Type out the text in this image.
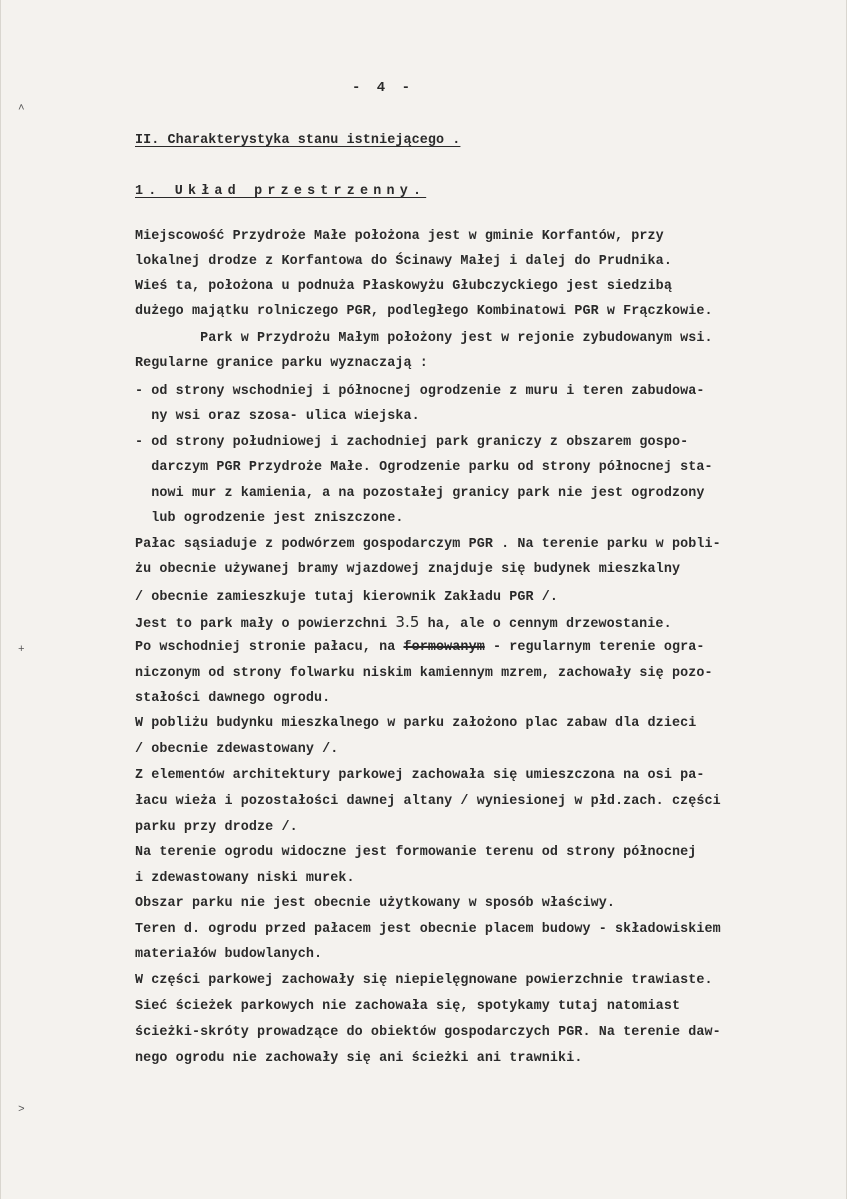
˄
+
˃
- 4 -
II. Charakterystyka stanu istniejącego .
1. Układ przestrzenny.
Miejscowość Przydroże Małe położona jest w gminie Korfantów, przy
lokalnej drodze z Korfantowa do Ścinawy Małej i dalej do Prudnika.
Wieś ta, położona u podnuża Płaskowyżu Głubczyckiego jest siedzibą
dużego majątku rolniczego PGR, podległego Kombinatowi PGR w Frączkowie.
Park w Przydrożu Małym położony jest w rejonie zybudowanym wsi.
Regularne granice parku wyznaczają :
- od strony wschodniej i północnej ogrodzenie z muru i teren zabudowa-
ny wsi oraz szosa- ulica wiejska.
- od strony południowej i zachodniej park graniczy z obszarem gospo-
darczym PGR Przydroże Małe. Ogrodzenie parku od strony północnej sta-
nowi mur z kamienia, a na pozostałej granicy park nie jest ogrodzony
lub ogrodzenie jest zniszczone.
Pałac sąsiaduje z podwórzem gospodarczym PGR . Na terenie parku w pobli-
żu obecnie używanej bramy wjazdowej znajduje się budynek mieszkalny
/ obecnie zamieszkuje tutaj kierownik Zakładu PGR /.
Jest to park mały o powierzchni 3.5 ha, ale o cennym drzewostanie.
Po wschodniej stronie pałacu, na formowanym - regularnym terenie ogra-
niczonym od strony folwarku niskim kamiennym mzrem, zachowały się pozo-
stałości dawnego ogrodu.
W pobliżu budynku mieszkalnego w parku założono plac zabaw dla dzieci
/ obecnie zdewastowany /.
Z elementów architektury parkowej zachowała się umieszczona na osi pa-
łacu wieża i pozostałości dawnej altany / wyniesionej w płd.zach. części
parku przy drodze /.
Na terenie ogrodu widoczne jest formowanie terenu od strony północnej
i zdewastowany niski murek.
Obszar parku nie jest obecnie użytkowany w sposób właściwy.
Teren d. ogrodu przed pałacem jest obecnie placem budowy - składowiskiem
materiałów budowlanych.
W części parkowej zachowały się niepielęgnowane powierzchnie trawiaste.
Sieć ścieżek parkowych nie zachowała się, spotykamy tutaj natomiast
ścieżki-skróty prowadzące do obiektów gospodarczych PGR. Na terenie daw-
nego ogrodu nie zachowały się ani ścieżki ani trawniki.
